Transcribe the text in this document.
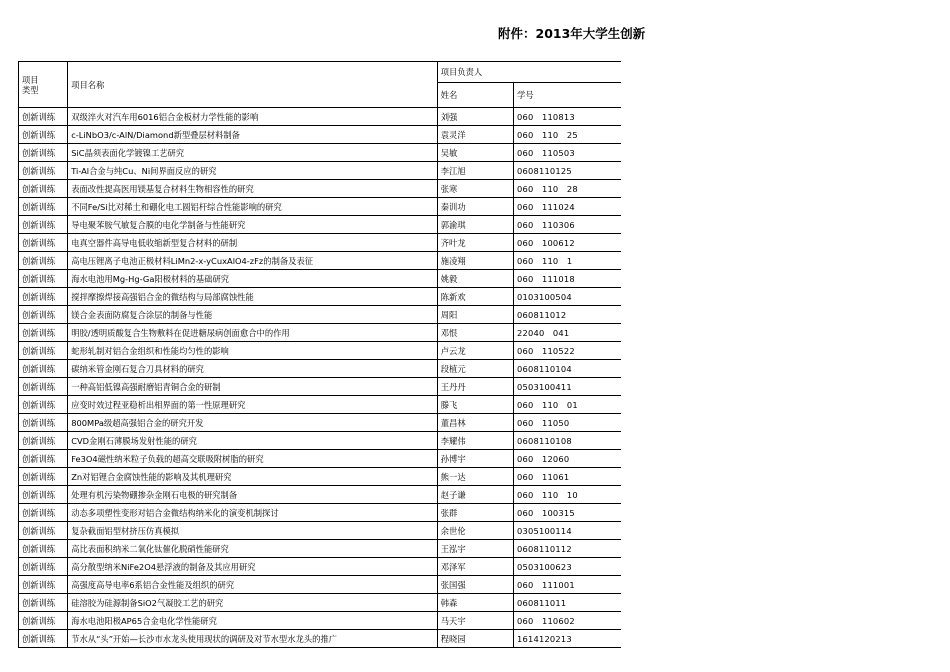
附件：2013年大学生创新
项目
类型	项目名称	项目负责人	
		姓名	学号
创新训练	双级淬火对汽车用6016铝合金板材力学性能的影响	刘强	060　110813
创新训练	c-LiNbO3/c-AlN/Diamond新型叠层材料制备	袁灵洋	060　110　25
创新训练	SiC晶须表面化学镀镍工艺研究	吴敏	060　110503
创新训练	Ti-Al合金与纯Cu、Ni间界面反应的研究	李江旭	0608110125
创新训练	表面改性提高医用镁基复合材料生物相容性的研究	张寒	060　110　28
创新训练	不同Fe/Si比对稀土和硼化电工圆铝杆综合性能影响的研究	秦训功	060　111024
创新训练	导电聚苯胺气敏复合膜的电化学制备与性能研究	郭渝琪	060　110306
创新训练	电真空器件高导电低收缩新型复合材料的研制	齐叶龙	060　100612
创新训练	高电压锂离子电池正极材料LiMn2-x-yCuxAlO4-zFz的制备及表征	施凌翔	060　110　1
创新训练	海水电池用Mg-Hg-Ga阳极材料的基础研究	姚毅	060　111018
创新训练	搅拌摩擦焊接高强铝合金的微结构与局部腐蚀性能	陈新欢	0103100504
创新训练	镁合金表面防腐复合涂层的制备与性能	周阳	060811012
创新训练	明胶/透明质酸复合生物敷料在促进糖尿病创面愈合中的作用	邓恨	22040　041
创新训练	蛇形轧制对铝合金组织和性能均匀性的影响	卢云龙	060　110522
创新训练	碳纳米管金刚石复合刀具材料的研究	段植元	0608110104
创新训练	一种高铝低镍高强耐磨铝青铜合金的研制	王丹丹	0503100411
创新训练	应变时效过程亚稳析出相界面的第一性原理研究	滕飞	060　110　01
创新训练	800MPa级超高强铝合金的研究开发	董昌林	060　11050
创新训练	CVD金刚石薄膜场发射性能的研究	李耀伟	0608110108
创新训练	Fe3O4磁性纳米粒子负载的超高交联吸附树脂的研究	孙博宇	060　12060
创新训练	Zn对铝锂合金腐蚀性能的影响及其机理研究	熊一达	060　11061
创新训练	处理有机污染物硼掺杂金刚石电极的研究制备	赵子谦	060　110　10
创新训练	动态多项塑性变形对铝合金微结构纳米化的演变机制探讨	张群	060　100315
创新训练	复杂截面铝型材挤压仿真模拟	余世伦	0305100114
创新训练	高比表面积纳米二氧化钛催化脱硝性能研究	王泓宇	0608110112
创新训练	高分散型纳米NiFe2O4悬浮液的制备及其应用研究	邓泽军	0503100623
创新训练	高强度高导电率6系铝合金性能及组织的研究	张国强	060　111001
创新训练	硅溶胶为硅源制备SiO2气凝胶工艺的研究	韩森	060811011
创新训练	海水电池阳极AP65合金电化学性能研究	马天宇	060　110602
创新训练	节水从“头”开始—长沙市水龙头使用现状的调研及对节水型水龙头的推广	程晓园	1614120213
